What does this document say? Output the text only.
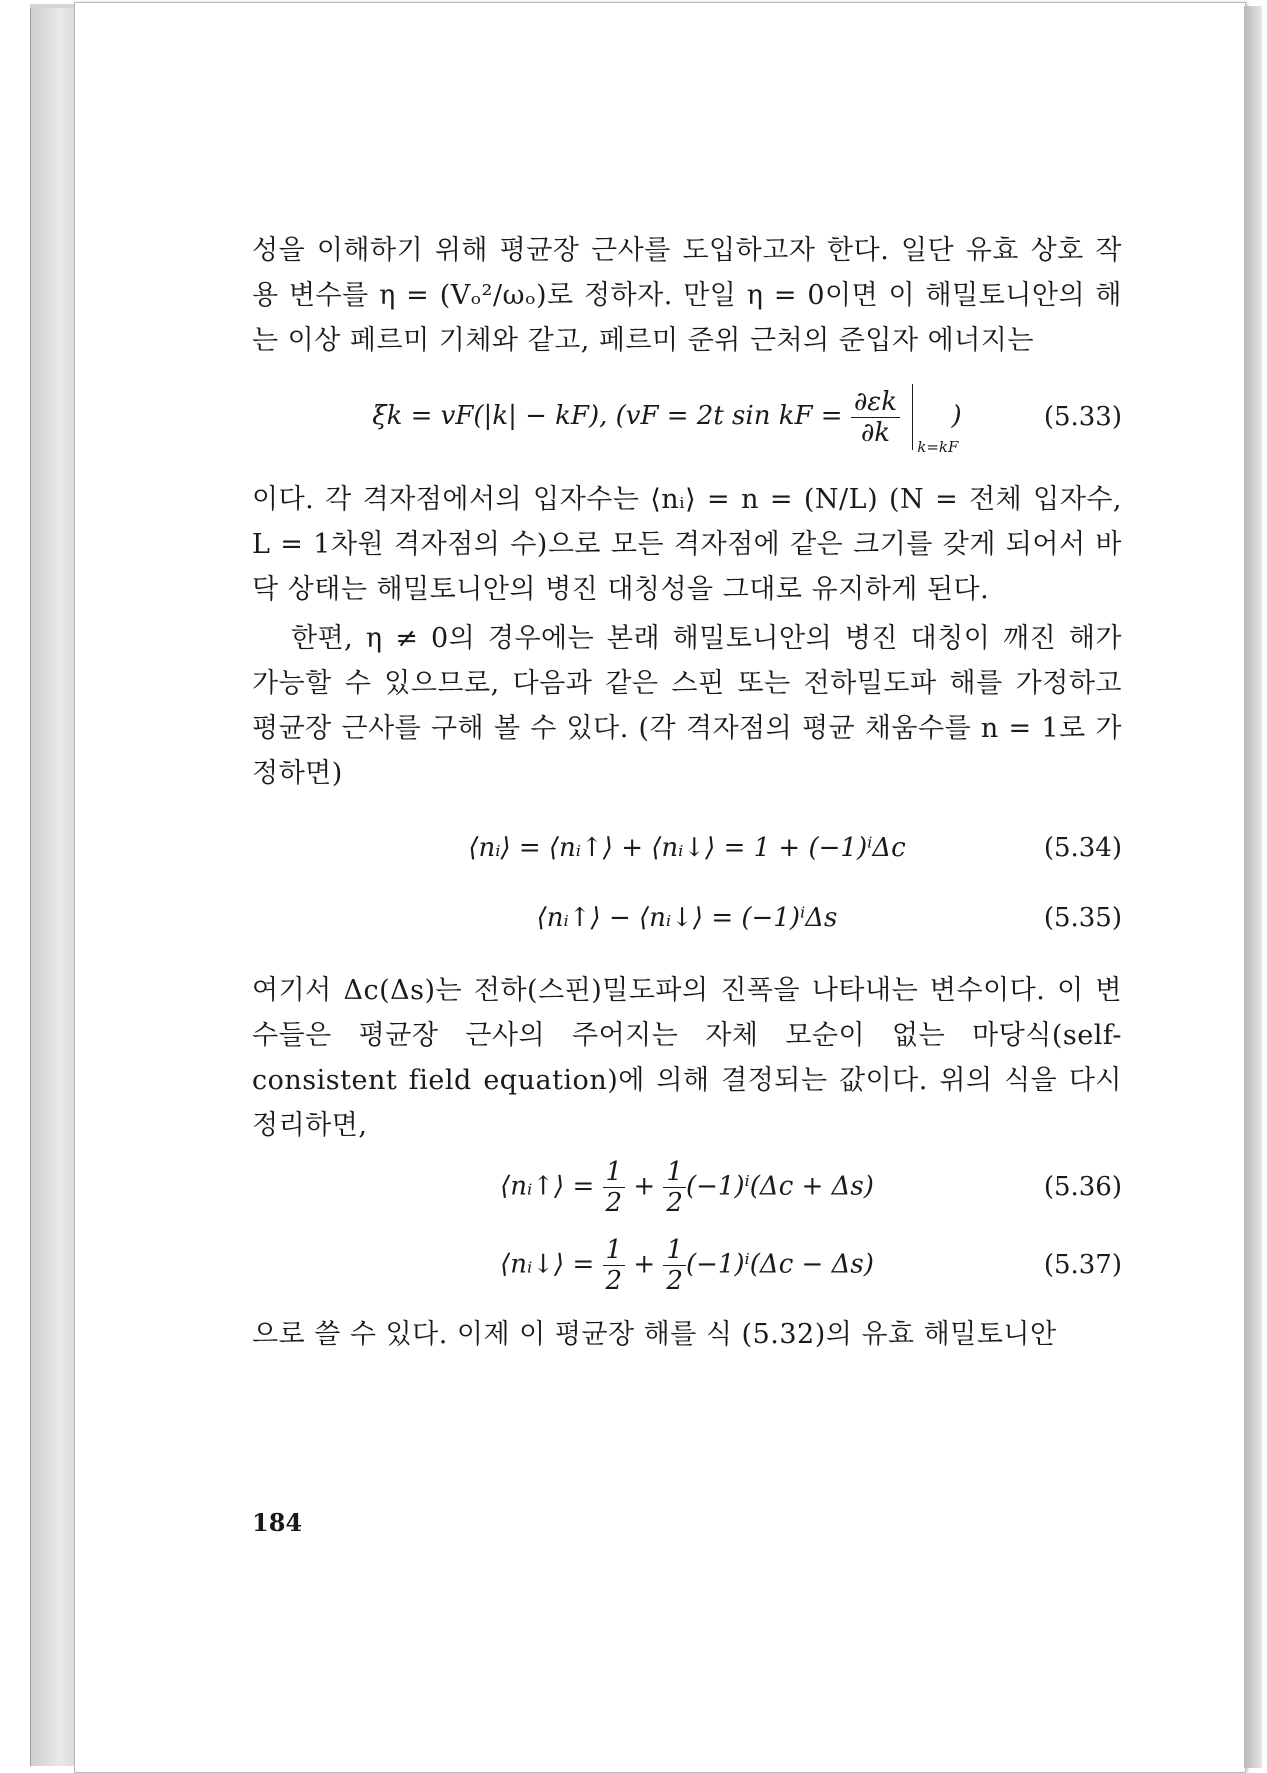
성을 이해하기 위해 평균장 근사를 도입하고자 한다. 일단 유효 상호 작용 변수를 η = (Vₒ²/ωₒ)로 정하자. 만일 η = 0이면 이 해밀토니안의 해는 이상 페르미 기체와 같고, 페르미 준위 근처의 준입자 에너지는

ξk = vF(|k| − kF), (vF = 2t sin kF = $\frac{\partial\varepsilon k}{\partial k}$
k=kF
)	(5.33)

이다. 각 격자점에서의 입자수는 ⟨nᵢ⟩ = n = (N/L) (N = 전체 입자수, L = 1차원 격자점의 수)으로 모든 격자점에 같은 크기를 갖게 되어서 바닥 상태는 해밀토니안의 병진 대칭성을 그대로 유지하게 된다.

한편, η ≠ 0의 경우에는 본래 해밀토니안의 병진 대칭이 깨진 해가 가능할 수 있으므로, 다음과 같은 스핀 또는 전하밀도파 해를 가정하고 평균장 근사를 구해 볼 수 있다. (각 격자점의 평균 채움수를 n = 1로 가정하면)

⟨nᵢ⟩ = ⟨nᵢ↑⟩ + ⟨nᵢ↓⟩ = 1 + (−1)ⁱΔc	(5.34)
⟨nᵢ↑⟩ − ⟨nᵢ↓⟩ = (−1)ⁱΔs	(5.35)

여기서 Δc(Δs)는 전하(스핀)밀도파의 진폭을 나타내는 변수이다. 이 변수들은 평균장 근사의 주어지는 자체 모순이 없는 마당식(self-consistent field equation)에 의해 결정되는 값이다. 위의 식을 다시 정리하면,

⟨nᵢ↑⟩ = $\frac{1}{2} + \frac{1}{2} (-1)^i(\Delta c + \Delta s)$	(5.36)
⟨nᵢ↓⟩ = $\frac{1}{2} + \frac{1}{2} (-1)^i(\Delta c - \Delta s)$	(5.37)

으로 쓸 수 있다. 이제 이 평균장 해를 식 (5.32)의 유효 해밀토니안

184
